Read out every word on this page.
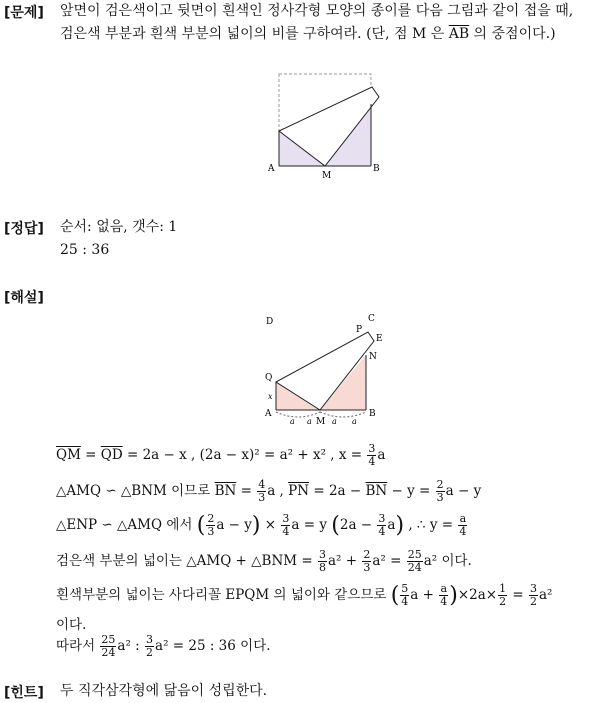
[문제] 앞면이 검은색이고 뒷면이 흰색인 정사각형 모양의 종이를 다음 그림과 같이 접을 때, 검은색 부분과 흰색 부분의 넓이의 비를 구하여라. (단, 점 M 은 $\overline{AB}$ 의 중점이다.)
A
M
B
[정답] 순서: 없음, 갯수: 1
25 : 36
[해설]
D	C
P
E
N
Q
x
A
M
B
a a	a a
$\overline{QM} = \overline{QD} = 2a - x$ , (2a − x)² = a² + x² , $x = \frac{3}{4}$ a
△AMQ ∽ △BNM 이므로 $\overline{BN} = \frac{4}{3}$ a , $\overline{PN} = 2a - \overline{BN} - y = \frac{2}{3}$ a − y
△ENP ∽ △AMQ 에서 ( $\frac{2}{3}$ $a - y) \times \frac{3}{4}$ a = y $(2a - \frac{3}{4} a)$ , ∴ $y = \frac{a}{4}$
검은색 부분의 넓이는 △AMQ + △BNM = $\frac{3}{8} a^2 + \frac{2}{3} a^2 = \frac{25}{24} a^2$ 이다.
흰색부분의 넓이는 사다리꼴 EPQM 의 넓이와 같으므로 ( $\frac{5}{4}$ $a + \frac{a}{4} )\times 2a\times \frac{1}{2} = \frac{3}{2} a^2$
이다.
따라서 $\frac{25}{24} a^2$ : $\frac{3}{2} a^2 = 25$ : 36 이다.
[힌트] 두 직각삼각형에 닮음이 성립한다.
